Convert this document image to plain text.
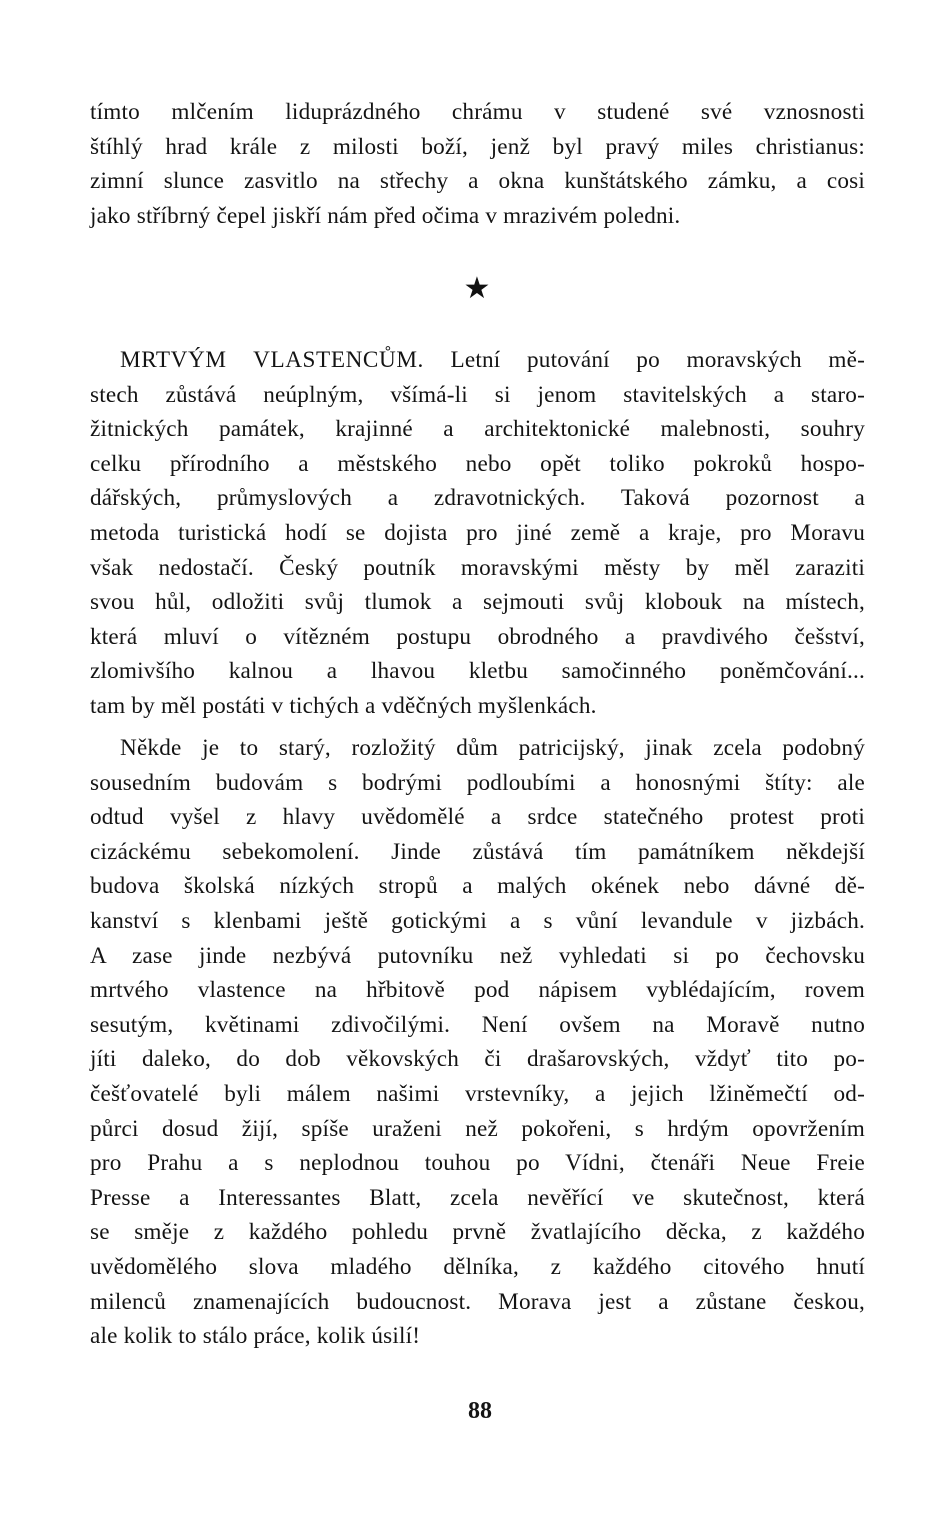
tímto mlčením liduprázdného chrámu v studené své vznosnosti
štíhlý hrad krále z milosti boží, jenž byl pravý miles christianus:
zimní slunce zasvitlo na střechy a okna kunštátského zámku, a cosi
jako stříbrný čepel jiskří nám před očima v mrazivém poledni.
★
MRTVÝM VLASTENCŮM. Letní putování po moravských mě-
stech zůstává neúplným, všímá-li si jenom stavitelských a staro-
žitnických památek, krajinné a architektonické malebnosti, souhry
celku přírodního a městského nebo opět toliko pokroků hospo-
dářských, průmyslových a zdravotnických. Taková pozornost a
metoda turistická hodí se dojista pro jiné země a kraje, pro Moravu
však nedostačí. Český poutník moravskými městy by měl zaraziti
svou hůl, odložiti svůj tlumok a sejmouti svůj klobouk na místech,
která mluví o vítězném postupu obrodného a pravdivého češství,
zlomivšího kalnou a lhavou kletbu samočinného poněmčování...
tam by měl postáti v tichých a vděčných myšlenkách.
Někde je to starý, rozložitý dům patricijský, jinak zcela podobný
sousedním budovám s bodrými podloubími a honosnými štíty: ale
odtud vyšel z hlavy uvědomělé a srdce statečného protest proti
cizáckému sebekomolení. Jinde zůstává tím památníkem někdejší
budova školská nízkých stropů a malých okének nebo dávné dě-
kanství s klenbami ještě gotickými a s vůní levandule v jizbách.
A zase jinde nezbývá putovníku než vyhledati si po čechovsku
mrtvého vlastence na hřbitově pod nápisem vyblédajícím, rovem
sesutým, květinami zdivočilými. Není ovšem na Moravě nutno
jíti daleko, do dob věkovských či drašarovských, vždyť tito po-
češťovatelé byli málem našimi vrstevníky, a jejich lžiněmečtí od-
půrci dosud žijí, spíše uraženi než pokořeni, s hrdým opovržením
pro Prahu a s neplodnou touhou po Vídni, čtenáři Neue Freie
Presse a Interessantes Blatt, zcela nevěřící ve skutečnost, která
se směje z každého pohledu prvně žvatlajícího děcka, z každého
uvědomělého slova mladého dělníka, z každého citového hnutí
milenců znamenajících budoucnost. Morava jest a zůstane českou,
ale kolik to stálo práce, kolik úsilí!
88
